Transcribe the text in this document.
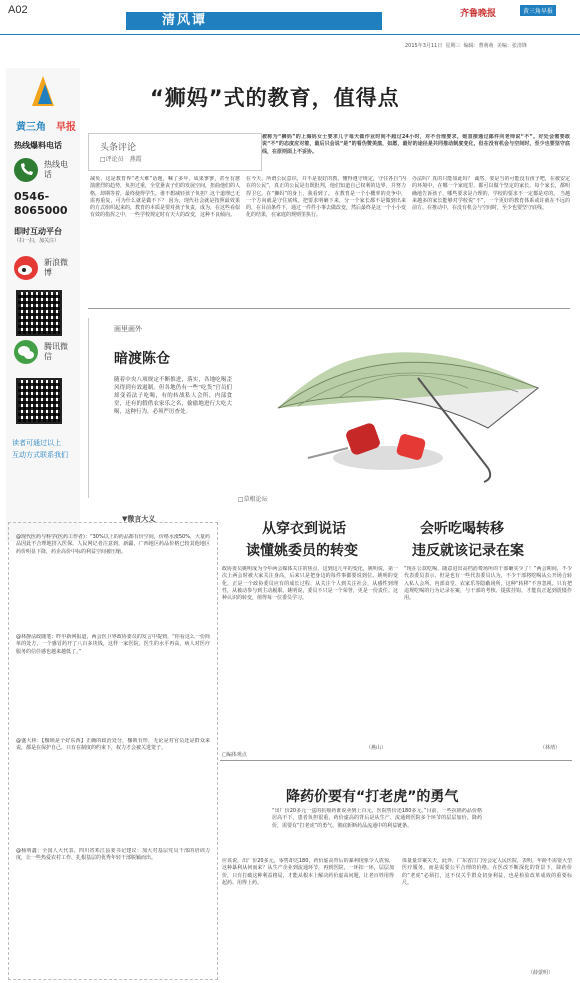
A02
清风谭	齐鲁晚报	黄三角早报
2015年3月11日 星期三 编辑：曹萌萌 美编：张清锋
黄三角 早报
热线爆料电话
热线电话
0546-
8065000
即时互动平台
（扫一扫，加关注）
新浪微博
腾讯微信
读者可通过以上
互动方式联系我们
“狮妈”式的教育，值得点
头条评论
□评论员　燕霞
被称为“狮妈”的上海妈女士要求儿子每天做作业时间不超过24小时，对不合理要求，她直接通过邮件向老师说“不”。好处会需要敢说“不”的态度应对着，最后只会说“是”的看伪赞美演，如愿，最好的途径是共同推动制度变化，但在没有机会与空间时，至少也要坚守底线，在原则面上不妥协。
减负，这是教育界“老大难”话题，喊了多年，成果寥寥，甚至有愈演愈烈的趋势，负担过重，全堂惫丧子们的发展空间，扭曲他们的人格，却期等着，最终使得学生，谁不想减轻孩子负担？这个道理已无需再重复，可为什么就是做不下？ 因为，现代社会就是按照最效果的方式组织起来的，教育的本质是要对孩子负责，成为，在这些看似有效的指挥之中，一些学校规定时有天大的改变，这种不良倾向。
在今天，所谓公民意识，并不是很好的教，懂得遵守规定，守住各自“内在的公民”，真正的公民是有既批判，他们知道自己权利的边界，并努力捍卫它。在“狮妈”的身上，我看到了。 在教育是一个小概率的竞争中，一个方向就是守住底线，把要求明确下来，分一个家长都不是做到出来的，在目前条件下，通过一件件小事去做改变，然后最终是这一个小小变化的结果，在家庭的规则里执行。
办法吗？真的只能如此吗？ 诚然，要是当的可能没有孩子吧，在被安定的环境中，在哪一个家庭里，都可以做个坚定的家长，每个家长，都明确地告诉孩子，哪些要求是合理的，学校的要求不一定都是对的。 当越来越多的家长能够对学校说“不”，一个更好的教育体系或许就在不远的前方。在推动中，在没有机会与空间时，至少也要坚守底线。
画里画外
暗渡陈仓
随着中央八项规定不断推进，落实，各地吃喝歪风得到有效遏制。但各地仍有一些“吃货”官员们却变着法子吃喝，有的转战私人会所、内部食堂，还有的假借农家乐之名，偷偷地进行大吃大喝，这种行为，必须严厉查处。
□草根论坛
▼微言大义
@现代医药与科学(医药工作者)：“30%以上的药品都有价空间，价格水涨50%，大量药品因此不合理地挤入医保。人民网记者注意到，新疆、广西地区药品价格已较其他地区药价明显下降，药企高价中标的利益空间被压缩。
@林静法政随笔：昨中新网报道，两会医卫界政协委员的发言中提到，“你看这么一份简单的处方，一个感冒药开了八百多块钱，这样一家医院，医生的水平再高，病人对医疗服务的信任感也越来越低了。”
@盛大林：【枷锁是个好东西】正确的政治处分，枷锁有形，无论是对官员还是群众来说，都是在保护自己，只有在制度的约束下，权力才会被关进笼子。
@杨明鑫：全国人大代表、四川省邓江县委书记建议：加大对基层党员干部的培训力度，让一些热爱农村工作、扎根基层的优秀年轻干部脱颖而出。
从穿衣到说话
读懂姚委员的转变
政协委员姚明成为今年两会媒体关注的焦点，这到这几年的变化，姚明说，第一次上两会时被大家关注身高，后来只是把身边的每件事都要说到位。姚明的变化，正是一个政协委员应有的成长过程，从关注个人到关注社会，从感性到理性，从被动参与到主动履职。姚明说，委员不只是一个荣誉，更是一份责任。这种认识的转变，值得每一位委员学习。
（燕山）
□编体观点
会听吃喝转移
违反就该记录在案
“现在公款吃喝，随意进出高档消费场所的干部确实少了！”两会期间，不少代表委员表示，但是也有一些代表委员认为，不少干部将吃喝从公开场合转入私人会所、内部食堂、农家乐等隐蔽场所，这种“转移”不容忽视。只有把违规吃喝的行为记录在案，与干部的考核、提拔挂钩，才能真正起到震慑作用。
（林靖）
降药价要有“打老虎”的勇气
“出厂价20多元一盒的抗癌药谁说卖到上百元，医院售价还180多元。”目前，一些抗癌药品价格居高不下，患者负担很重，药价虚高的背后是从生产、流通到医院多个环节的层层加价。降药价，需要有“打老虎”的勇气，彻底斩断药品流通中的利益链条。
应该说，出厂价20多元，零售却达180，药价虚高背后的暴利现象令人震惊，这种暴利从何而来？从生产企业到流通环节，再到医院，一环扣一环，层层加价。只有打破这种利益格局，才能从根本上解决药价虚高问题，让老百姓用得起药、用得上药。
体量量非案关天，此外，广东省江门劳会定人民医院，表明，年龄不需要大型医疗服务，而是需要公平合理的价格。在医改不断深化的背景下，降药价的“老虎”必须打，这不仅关乎群众切身利益，也是检验改革成效的重要标尺。
（薛蒙明）
